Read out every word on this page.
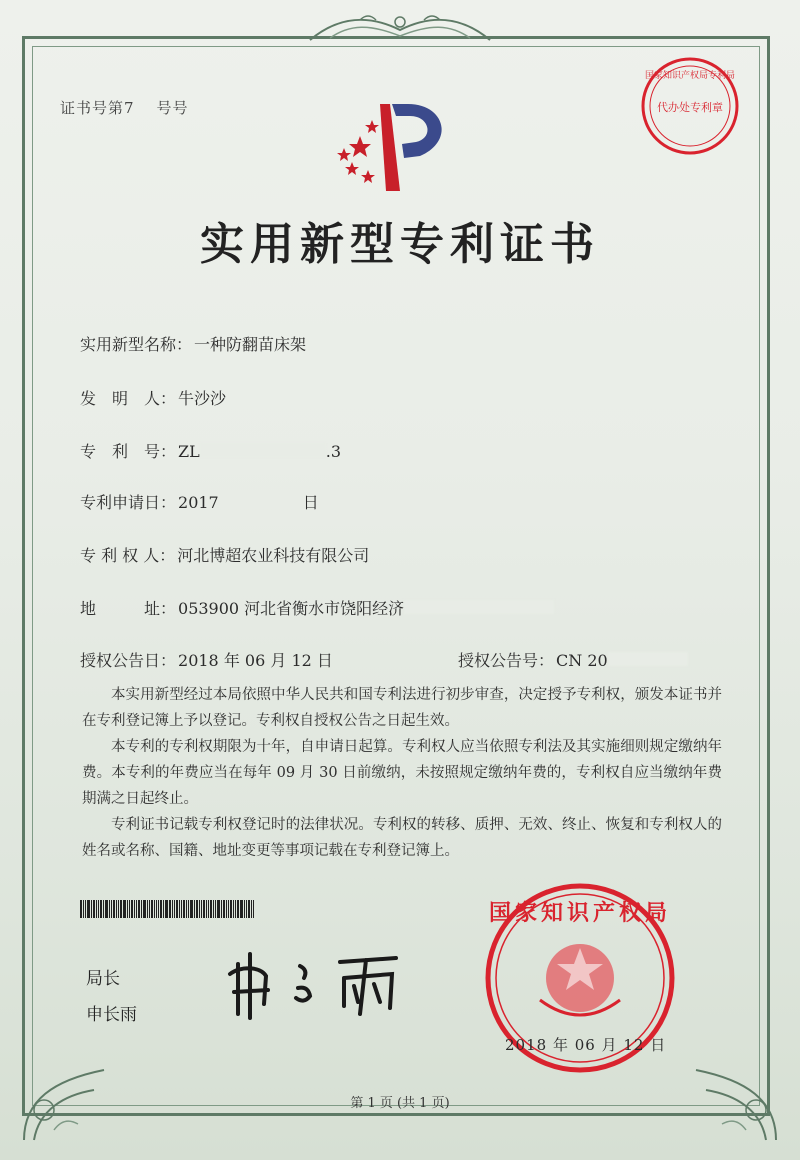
证书号第7 号号	代办处专利章
国家知识产权局专利局
实用新型专利证书
实用新型名称： 一种防翻苗床架
发　明　人： 牛沙沙
专　利　号： ZL	.3
专利申请日： 2017	日
专 利 权 人： 河北博超农业科技有限公司
地　　　址： 053900 河北省衡水市饶阳经济
授权公告日： 2018 年 06 月 12 日	授权公告号： CN 20
本实用新型经过本局依照中华人民共和国专利法进行初步审查，决定授予专利权，颁发本证书并在专利登记簿上予以登记。专利权自授权公告之日起生效。
本专利的专利权期限为十年，自申请日起算。专利权人应当依照专利法及其实施细则规定缴纳年费。本专利的年费应当在每年 09 月 30 日前缴纳，未按照规定缴纳年费的，专利权自应当缴纳年费期满之日起终止。
专利证书记载专利权登记时的法律状况。专利权的转移、质押、无效、终止、恢复和专利权人的姓名或名称、国籍、地址变更等事项记载在专利登记簿上。
局长
申长雨
国家知识产权局
2018 年 06 月 12 日
第 1 页 (共 1 页)
